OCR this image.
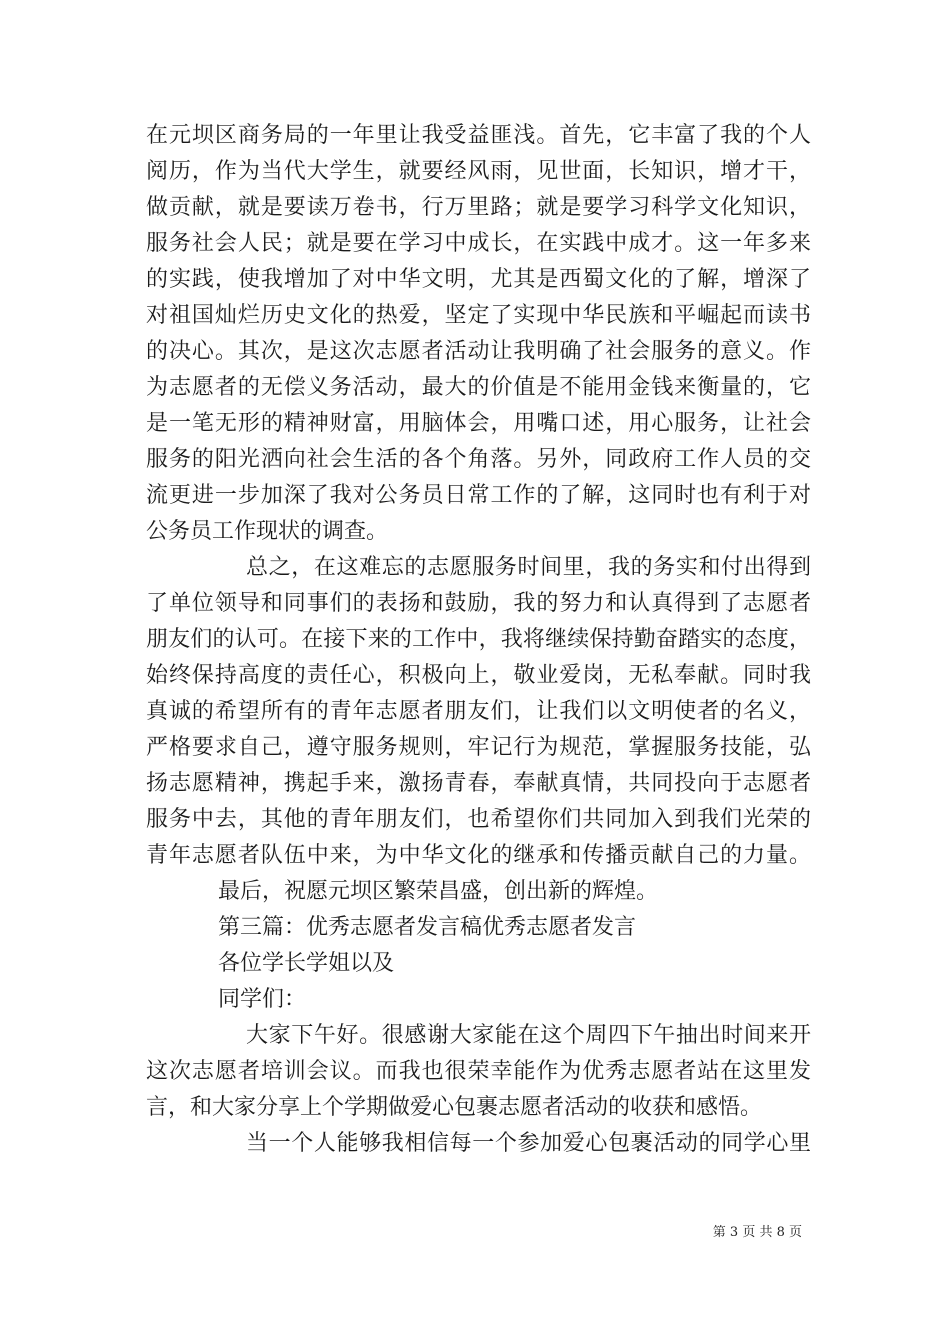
在元坝区商务局的一年里让我受益匪浅。首先，它丰富了我的个人
阅历，作为当代大学生，就要经风雨，见世面，长知识，增才干，
做贡献，就是要读万卷书，行万里路；就是要学习科学文化知识，
服务社会人民；就是要在学习中成长，在实践中成才。这一年多来
的实践，使我增加了对中华文明，尤其是西蜀文化的了解，增深了
对祖国灿烂历史文化的热爱，坚定了实现中华民族和平崛起而读书
的决心。其次，是这次志愿者活动让我明确了社会服务的意义。作
为志愿者的无偿义务活动，最大的价值是不能用金钱来衡量的，它
是一笔无形的精神财富，用脑体会，用嘴口述，用心服务，让社会
服务的阳光洒向社会生活的各个角落。另外，同政府工作人员的交
流更进一步加深了我对公务员日常工作的了解，这同时也有利于对
公务员工作现状的调查。
总之，在这难忘的志愿服务时间里，我的务实和付出得到
了单位领导和同事们的表扬和鼓励，我的努力和认真得到了志愿者
朋友们的认可。在接下来的工作中，我将继续保持勤奋踏实的态度，
始终保持高度的责任心，积极向上，敬业爱岗，无私奉献。同时我
真诚的希望所有的青年志愿者朋友们，让我们以文明使者的名义，
严格要求自己，遵守服务规则，牢记行为规范，掌握服务技能，弘
扬志愿精神，携起手来，激扬青春，奉献真情，共同投向于志愿者
服务中去，其他的青年朋友们，也希望你们共同加入到我们光荣的
青年志愿者队伍中来，为中华文化的继承和传播贡献自己的力量。
最后，祝愿元坝区繁荣昌盛，创出新的辉煌。
第三篇：优秀志愿者发言稿优秀志愿者发言
各位学长学姐以及
同学们：
大家下午好。很感谢大家能在这个周四下午抽出时间来开
这次志愿者培训会议。而我也很荣幸能作为优秀志愿者站在这里发
言，和大家分享上个学期做爱心包裹志愿者活动的收获和感悟。
当一个人能够我相信每一个参加爱心包裹活动的同学心里
第 3 页 共 8 页
